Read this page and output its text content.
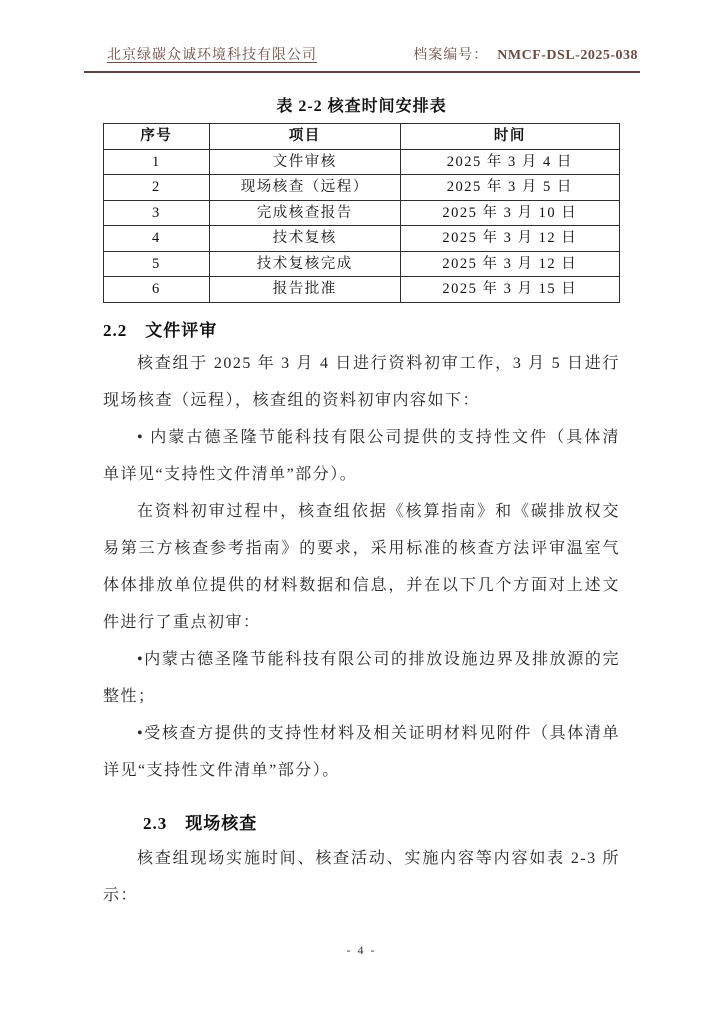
北京绿碳众诚环境科技有限公司	档案编号： NMCF-DSL-2025-038
表 2-2 核查时间安排表
序号	项目	时间
1	文件审核	2025 年 3 月 4 日
2	现场核查（远程）	2025 年 3 月 5 日
3	完成核查报告	2025 年 3 月 10 日
4	技术复核	2025 年 3 月 12 日
5	技术复核完成	2025 年 3 月 12 日
6	报告批准	2025 年 3 月 15 日
2.2　文件评审

核查组于 2025 年 3 月 4 日进行资料初审工作，3 月 5 日进行现场核查（远程），核查组的资料初审内容如下：

• 内蒙古德圣隆节能科技有限公司提供的支持性文件（具体清单详见“支持性文件清单”部分）。

在资料初审过程中，核查组依据《核算指南》和《碳排放权交易第三方核查参考指南》的要求，采用标准的核查方法评审温室气体体排放单位提供的材料数据和信息，并在以下几个方面对上述文件进行了重点初审：

•内蒙古德圣隆节能科技有限公司的排放设施边界及排放源的完整性；

•受核查方提供的支持性材料及相关证明材料见附件（具体清单详见“支持性文件清单”部分）。

2.3　现场核查

核查组现场实施时间、核查活动、实施内容等内容如表 2-3 所示：

- 4 -
